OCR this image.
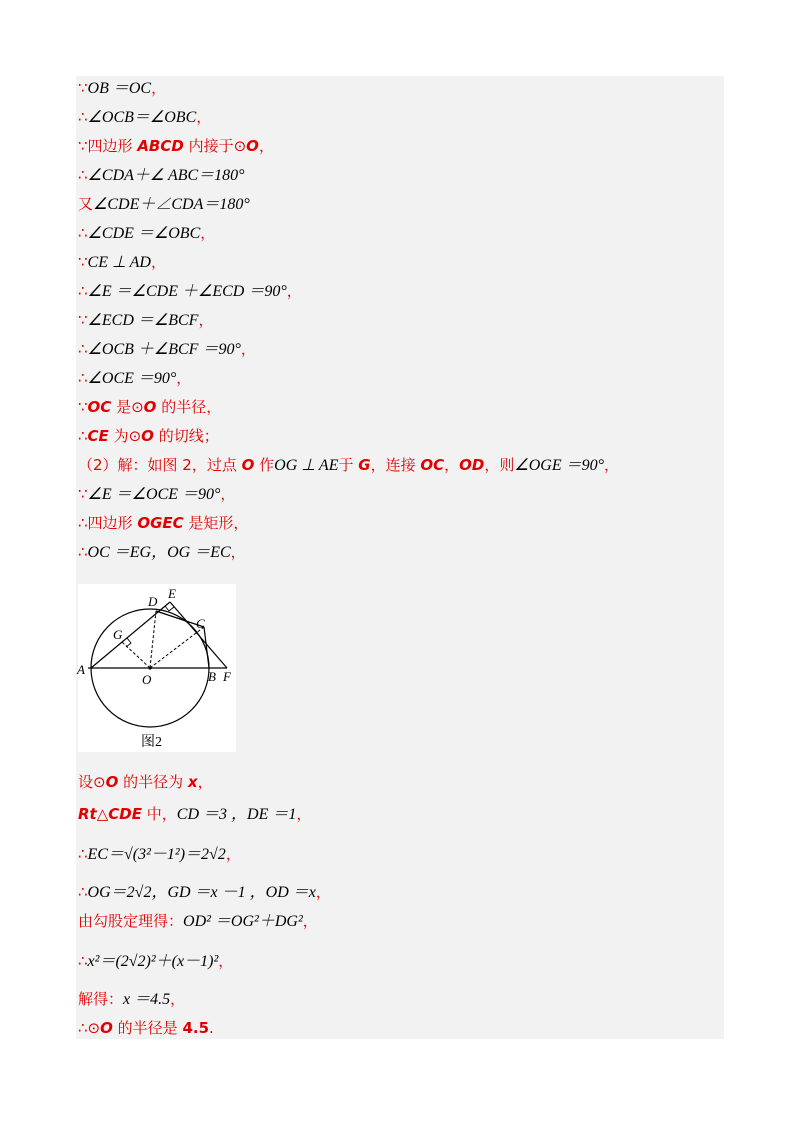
∵OB ＝OC，
∴∠OCB＝∠OBC，
∵四边形 ABCD 内接于⊙O，
∴∠CDA＋∠ ABC＝180°
又∠CDE＋∠CDA＝180°
∴∠CDE ＝∠OBC，
∵CE ⊥ AD，
∴∠E ＝∠CDE ＋∠ECD ＝90°，
∵∠ECD ＝∠BCF，
∴∠OCB ＋∠BCF ＝90°，
∴∠OCE ＝90°，
∵OC 是⊙O 的半径，
∴CE 为⊙O 的切线；
（2）解：如图 2，过点 O 作OG ⊥ AE于 G，连接 OC，OD，则∠OGE ＝90°，
∵∠E ＝∠OCE ＝90°，
∴四边形 OGEC 是矩形，
∴OC ＝EG，OG ＝EC，
设⊙O 的半径为 x，
Rt△CDE 中，CD ＝3 ，DE ＝1，
∴EC＝√(3²－1²)＝2√2，
∴OG＝2√2，GD ＝x －1 ，OD ＝x，
由勾股定理得：OD² ＝OG²＋DG²，
∴x²＝(2√2)²＋(x－1)²，
解得：x ＝4.5，
∴⊙O 的半径是 4.5.
E
D
C
G
A
O	B F
图2
